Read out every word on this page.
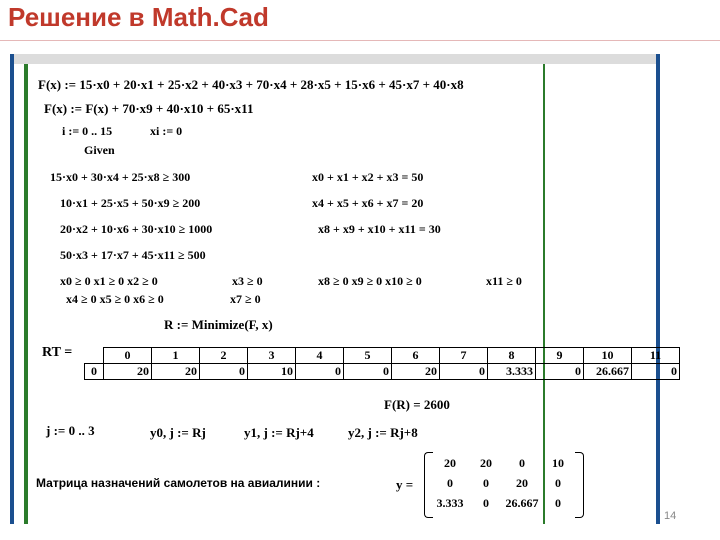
Решение в Math.Cad
F(x) := 15·x0 + 20·x1 + 25·x2 + 40·x3 + 70·x4 + 28·x5 + 15·x6 + 45·x7 + 40·x8
F(x) := F(x) + 70·x9 + 40·x10 + 65·x11
i := 0 .. 15	xi := 0
Given
15·x0 + 30·x4 + 25·x8 ≥ 300
10·x1 + 25·x5 + 50·x9 ≥ 200
20·x2 + 10·x6 + 30·x10 ≥ 1000
50·x3 + 17·x7 + 45·x11 ≥ 500
x0 + x1 + x2 + x3 = 50
x4 + x5 + x6 + x7 = 20
x8 + x9 + x10 + x11 = 30
x0 ≥ 0 x1 ≥ 0 x2 ≥ 0	x3 ≥ 0
x4 ≥ 0 x5 ≥ 0 x6 ≥ 0	x7 ≥ 0
x8 ≥ 0 x9 ≥ 0 x10 ≥ 0	x11 ≥ 0
R := Minimize(F, x)
RT =
		0	1	2	3	4	5	6	7	8	9	10	11
0	20	20	0	10	0	0	20	0	3.333	0	26.667	0
F(R) = 2600
j := 0 .. 3	y0, j := Rj	y1, j := Rj+4	y2, j := Rj+8
Матрица назначений самолетов на авиалинии :	y =
20	20	0	10
0	0	20	0
3.333	0	26.667	0
14
